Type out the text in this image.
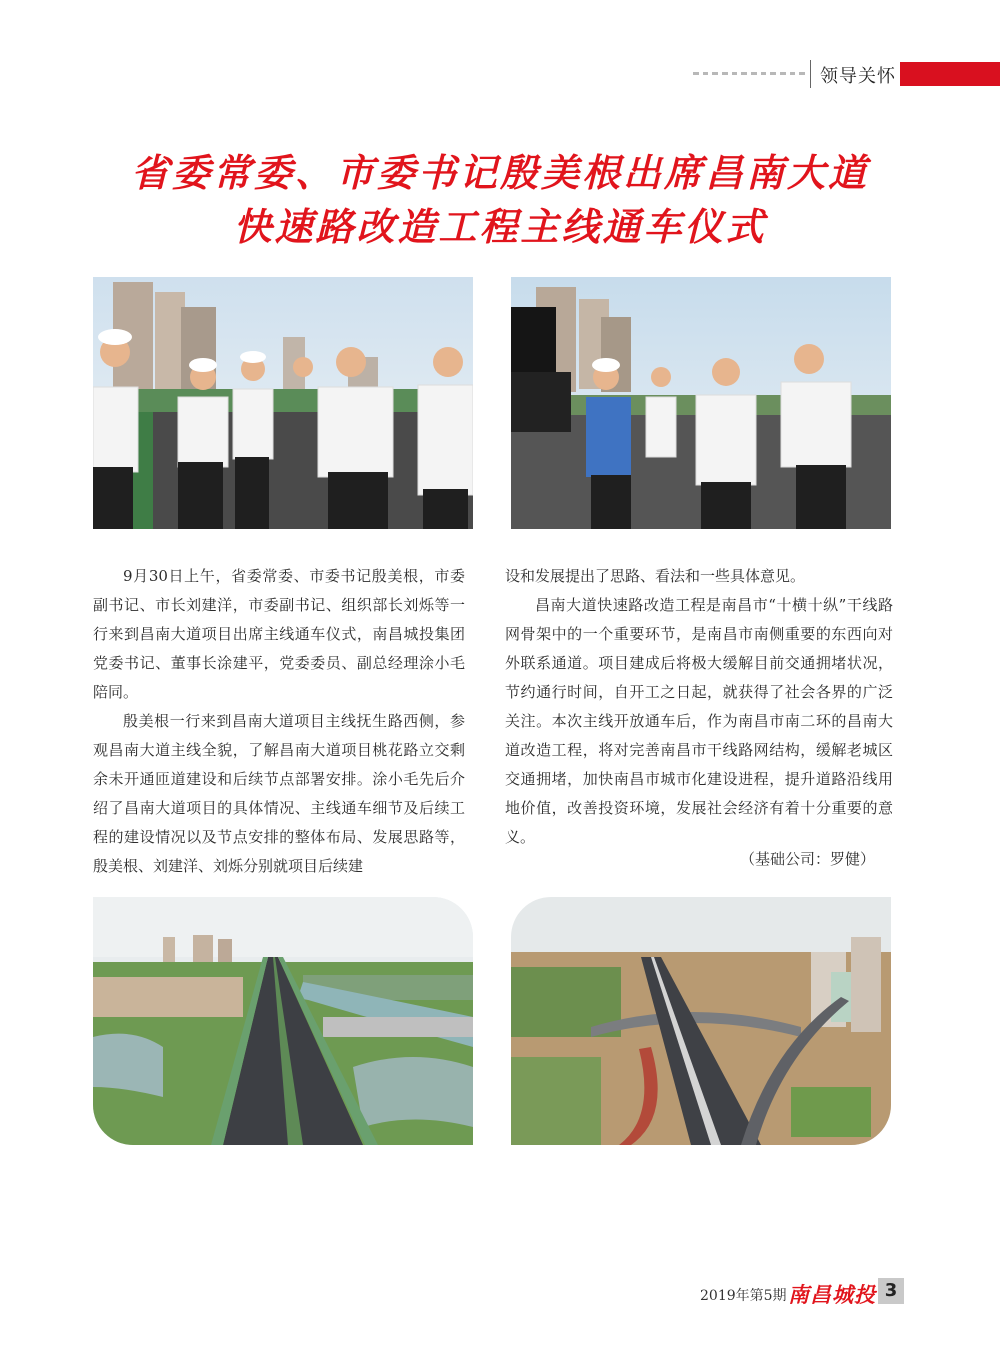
领导关怀
省委常委、市委书记殷美根出席昌南大道
快速路改造工程主线通车仪式

9月30日上午，省委常委、市委书记殷美根，市委副书记、市长刘建洋，市委副书记、组织部长刘烁等一行来到昌南大道项目出席主线通车仪式，南昌城投集团党委书记、董事长涂建平，党委委员、副总经理涂小毛陪同。

殷美根一行来到昌南大道项目主线抚生路西侧，参观昌南大道主线全貌，了解昌南大道项目桃花路立交剩余未开通匝道建设和后续节点部署安排。涂小毛先后介绍了昌南大道项目的具体情况、主线通车细节及后续工程的建设情况以及节点安排的整体布局、发展思路等，殷美根、刘建洋、刘烁分别就项目后续建

设和发展提出了思路、看法和一些具体意见。

昌南大道快速路改造工程是南昌市“十横十纵”干线路网骨架中的一个重要环节，是南昌市南侧重要的东西向对外联系通道。项目建成后将极大缓解目前交通拥堵状况，节约通行时间，自开工之日起，就获得了社会各界的广泛关注。本次主线开放通车后，作为南昌市南二环的昌南大道改造工程，将对完善南昌市干线路网结构，缓解老城区交通拥堵，加快南昌市城市化建设进程，提升道路沿线用地价值，改善投资环境，发展社会经济有着十分重要的意义。

（基础公司：罗健）
2019年第5期 南昌城投 3
